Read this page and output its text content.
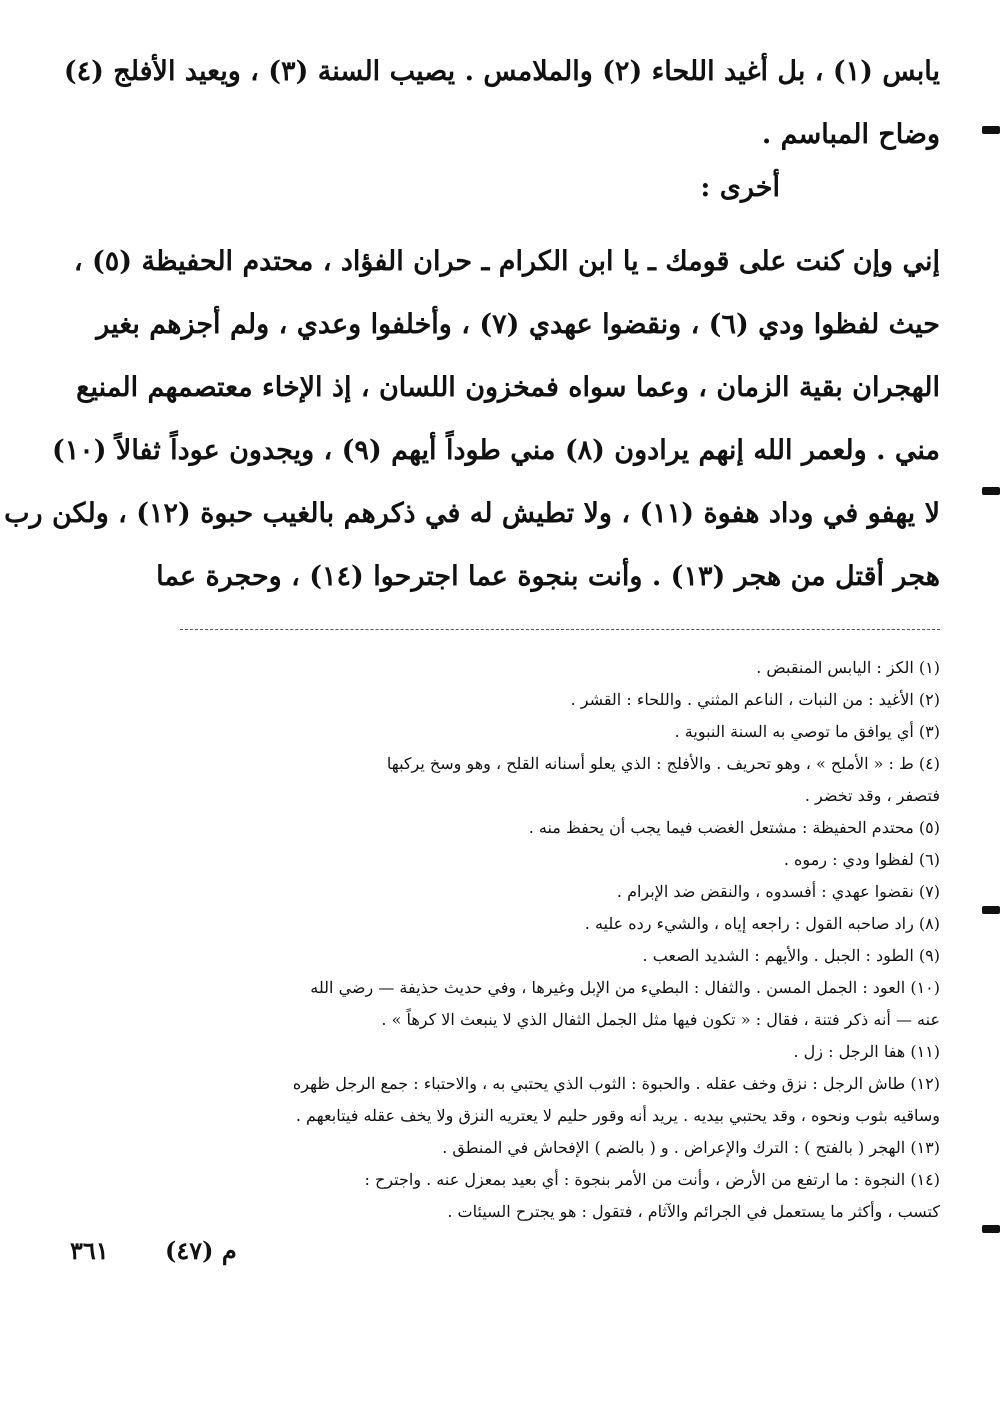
يابس (١) ، بل أغيد اللحاء (٢) والملامس . يصيب السنة (٣) ، ويعيد الأفلج (٤)
وضاح المباسم .
أخرى :
إني وإن كنت على قومك ـ يا ابن الكرام ـ حران الفؤاد ، محتدم الحفيظة (٥) ،
حيث لفظوا ودي (٦) ، ونقضوا عهدي (٧) ، وأخلفوا وعدي ، ولم أجزهم بغير
الهجران بقية الزمان ، وعما سواه فمخزون اللسان ، إذ الإخاء معتصمهم المنيع
مني . ولعمر الله إنهم يرادون (٨) مني طوداً أيهم (٩) ، ويجدون عوداً ثفالاً (١٠)
لا يهفو في وداد هفوة (١١) ، ولا تطيش له في ذكرهم بالغيب حبوة (١٢) ، ولكن رب
هجر أقتل من هجر (١٣) . وأنت بنجوة عما اجترحوا (١٤) ، وحجرة عما
(١) الكز : اليابس المنقبض .
(٢) الأغيد : من النبات ، الناعم المثني . واللحاء : القشر .
(٣) أي يوافق ما توصي به السنة النبوية .
(٤) ط : « الأملح » ، وهو تحريف . والأفلج : الذي يعلو أسنانه القلح ، وهو وسخ يركبها
فتصفر ، وقد تخضر .
(٥) محتدم الحفيظة : مشتعل الغضب فيما يجب أن يحفظ منه .
(٦) لفظوا ودي : رموه .
(٧) نقضوا عهدي : أفسدوه ، والنقض ضد الإبرام .
(٨) راد صاحبه القول : راجعه إياه ، والشيء رده عليه .
(٩) الطود : الجبل . والأيهم : الشديد الصعب .
(١٠) العود : الجمل المسن . والثفال : البطيء من الإبل وغيرها ، وفي حديث حذيفة — رضي الله
عنه — أنه ذكر فتنة ، فقال : « تكون فيها مثل الجمل الثفال الذي لا ينبعث الا كرهاً » .
(١١) هفا الرجل : زل .
(١٢) طاش الرجل : نزق وخف عقله . والحبوة : الثوب الذي يحتبي به ، والاحتباء : جمع الرجل ظهره
وساقيه بثوب ونحوه ، وقد يحتبي بيديه . يريد أنه وقور حليم لا يعتريه النزق ولا يخف عقله فيتابعهم .
(١٣) الهجر ( بالفتح ) : الترك والإعراض . و ( بالضم ) الإفحاش في المنطق .
(١٤) النجوة : ما ارتفع من الأرض ، وأنت من الأمر بنجوة : أي بعيد بمعزل عنه . واجترح :
كتسب ، وأكثر ما يستعمل في الجرائم والآثام ، فتقول : هو يجترح السيئات .
٣٦١ م (٤٧)
